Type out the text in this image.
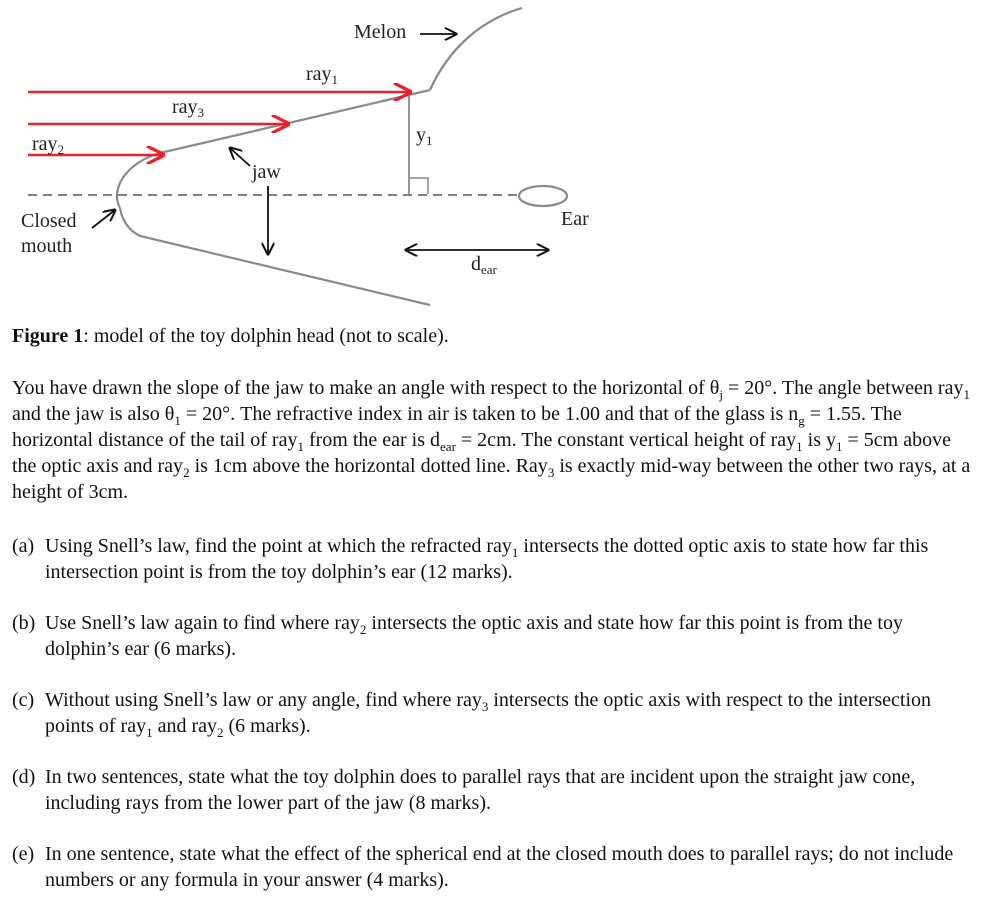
Melon
ray$_1$
ray$_3$
ray$_2$
jaw
$y_1$
Closed
mouth
Ear
$d_{ear}$

Figure 1: model of the toy dolphin head (not to scale).

You have drawn the slope of the jaw to make an angle with respect to the horizontal of $\theta_j = 20^\circ$. The angle between ray$_1$ and the jaw is also $\theta_1 = 20^\circ$. The refractive index in air is taken to be 1.00 and that of the glass is $n_g = 1.55$. The horizontal distance of the tail of ray$_1$ from the ear is $d_{ear} = 2cm$. The constant vertical height of ray$_1$ is $y_1 = 5cm$ above the optic axis and ray$_2$ is 1cm above the horizontal dotted line. Ray$_3$ is exactly mid-way between the other two rays, at a height of 3cm.

(a) Using Snell’s law, find the point at which the refracted ray$_1$ intersects the dotted optic axis to state how far this intersection point is from the toy dolphin’s ear (12 marks).

(b) Use Snell’s law again to find where ray$_2$ intersects the optic axis and state how far this point is from the toy dolphin’s ear (6 marks).

(c) Without using Snell’s law or any angle, find where ray$_3$ intersects the optic axis with respect to the intersection points of ray$_1$ and ray$_2$ (6 marks).

(d) In two sentences, state what the toy dolphin does to parallel rays that are incident upon the straight jaw cone, including rays from the lower part of the jaw (8 marks).

(e) In one sentence, state what the effect of the spherical end at the closed mouth does to parallel rays; do not include numbers or any formula in your answer (4 marks).
